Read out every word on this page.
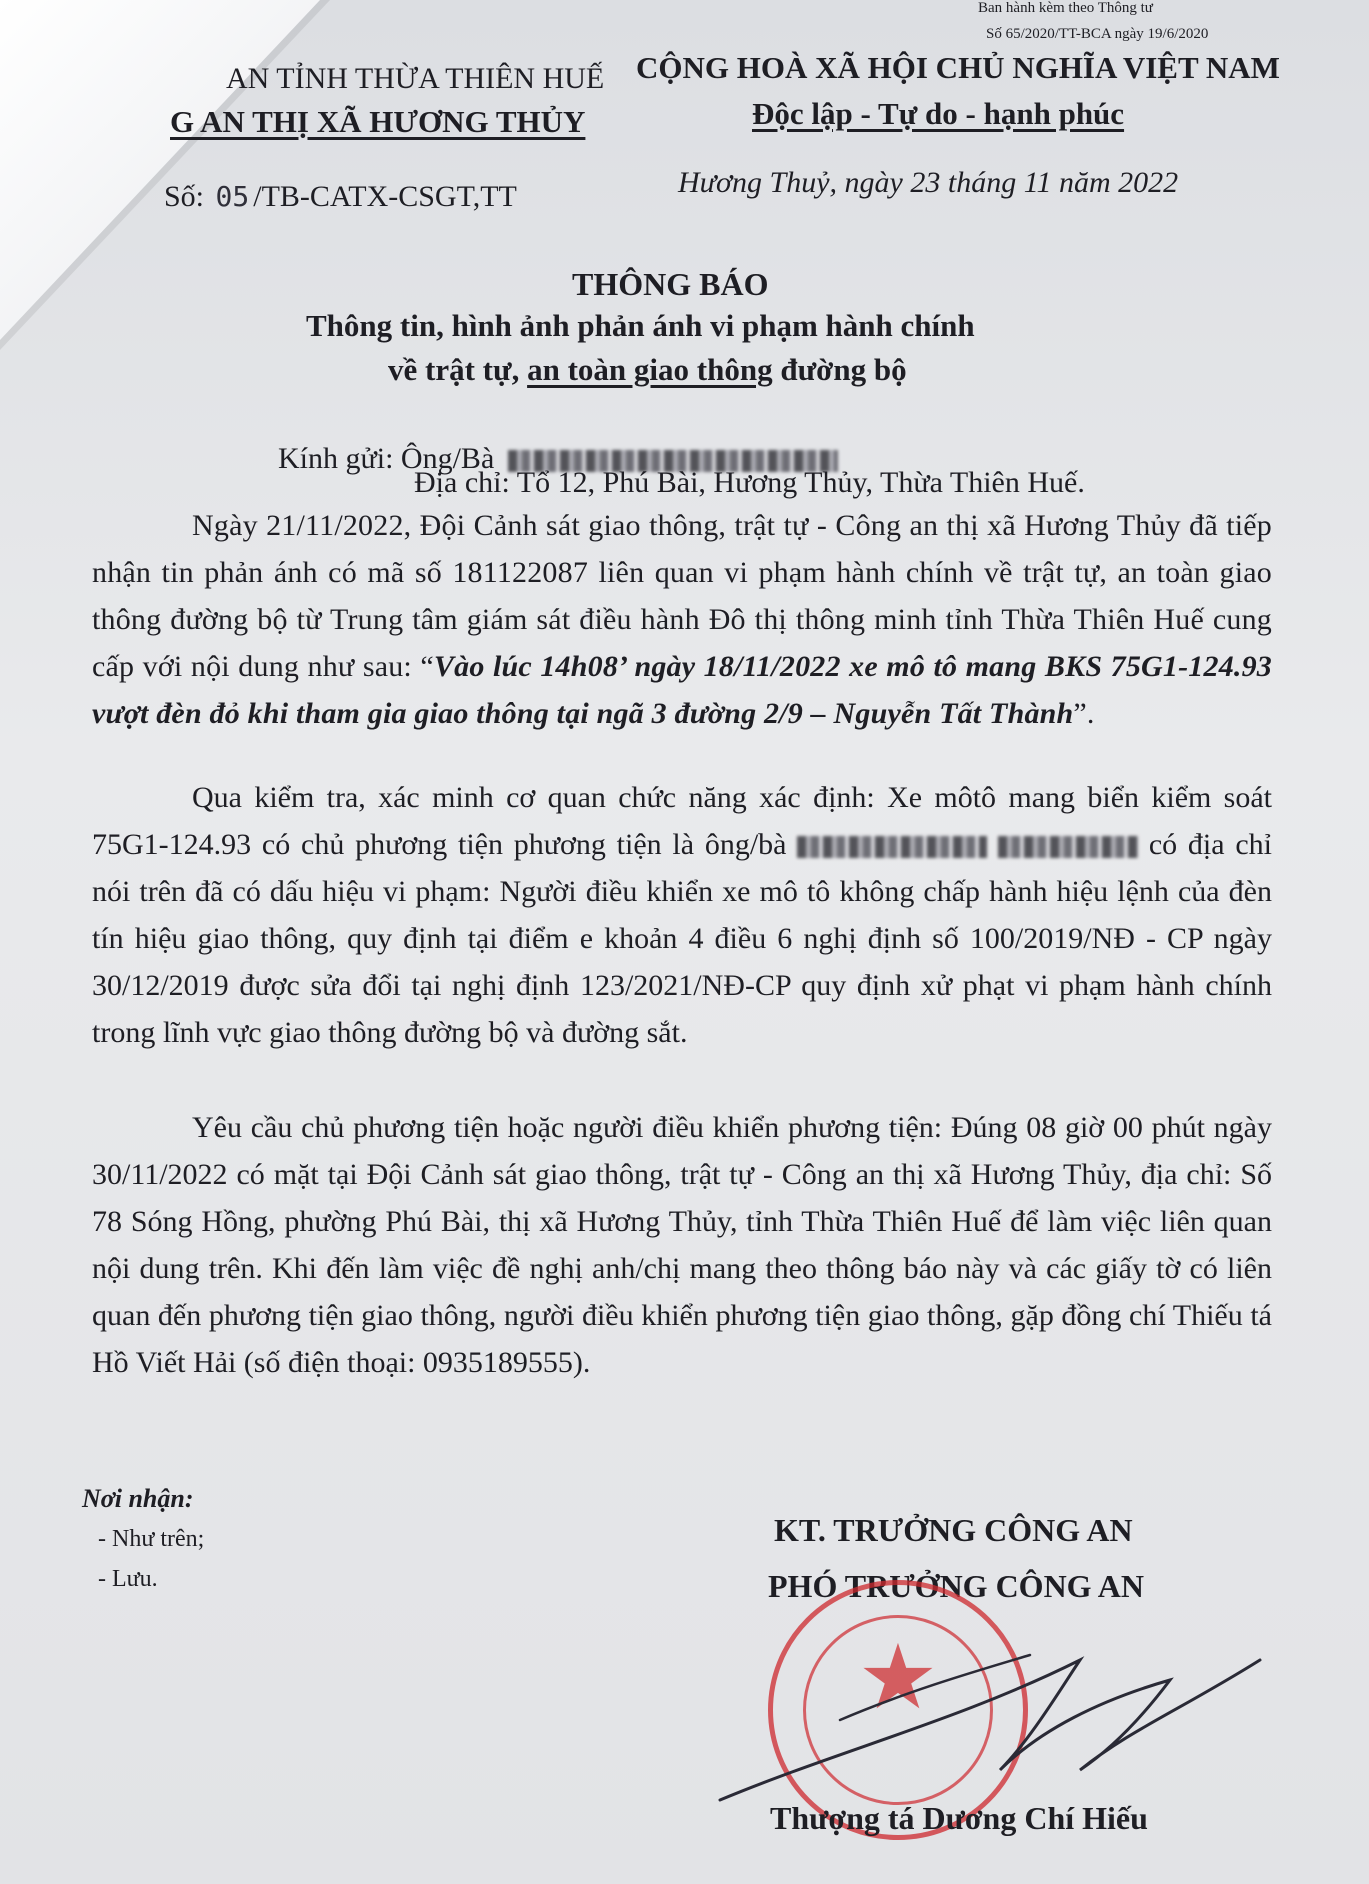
Ban hành kèm theo Thông tư
Số 65/2020/TT-BCA ngày 19/6/2020
AN TỈNH THỪA THIÊN HUẾ
G AN THỊ XÃ HƯƠNG THỦY
Số: 05 /TB-CATX-CSGT,TT
CỘNG HOÀ XÃ HỘI CHỦ NGHĨA VIỆT NAM
Độc lập - Tự do - hạnh phúc
Hương Thuỷ, ngày 23 tháng 11 năm 2022
THÔNG BÁO
Thông tin, hình ảnh phản ánh vi phạm hành chính
về trật tự, an toàn giao thông đường bộ
Kính gửi: Ông/Bà
Địa chỉ: Tổ 12, Phú Bài, Hương Thủy, Thừa Thiên Huế.
Ngày 21/11/2022, Đội Cảnh sát giao thông, trật tự - Công an thị xã Hương Thủy đã tiếp nhận tin phản ánh có mã số 181122087 liên quan vi phạm hành chính về trật tự, an toàn giao thông đường bộ từ Trung tâm giám sát điều hành Đô thị thông minh tỉnh Thừa Thiên Huế cung cấp với nội dung như sau: “Vào lúc 14h08’ ngày 18/11/2022 xe mô tô mang BKS 75G1-124.93 vượt đèn đỏ khi tham gia giao thông tại ngã 3 đường 2/9 – Nguyễn Tất Thành”.
Qua kiểm tra, xác minh cơ quan chức năng xác định: Xe môtô mang biển kiểm soát 75G1-124.93 có chủ phương tiện phương tiện là ông/bà	có địa chỉ nói trên đã có dấu hiệu vi phạm: Người điều khiển xe mô tô không chấp hành hiệu lệnh của đèn tín hiệu giao thông, quy định tại điểm e khoản 4 điều 6 nghị định số 100/2019/NĐ - CP ngày 30/12/2019 được sửa đổi tại nghị định 123/2021/NĐ-CP quy định xử phạt vi phạm hành chính trong lĩnh vực giao thông đường bộ và đường sắt.
Yêu cầu chủ phương tiện hoặc người điều khiển phương tiện: Đúng 08 giờ 00 phút ngày 30/11/2022 có mặt tại Đội Cảnh sát giao thông, trật tự - Công an thị xã Hương Thủy, địa chỉ: Số 78 Sóng Hồng, phường Phú Bài, thị xã Hương Thủy, tỉnh Thừa Thiên Huế để làm việc liên quan nội dung trên. Khi đến làm việc đề nghị anh/chị mang theo thông báo này và các giấy tờ có liên quan đến phương tiện giao thông, người điều khiển phương tiện giao thông, gặp đồng chí Thiếu tá Hồ Viết Hải (số điện thoại: 0935189555).
Nơi nhận:
- Như trên;
- Lưu.
KT. TRƯỞNG CÔNG AN
PHÓ TRƯỞNG CÔNG AN
★
Thượng tá Dương Chí Hiếu
